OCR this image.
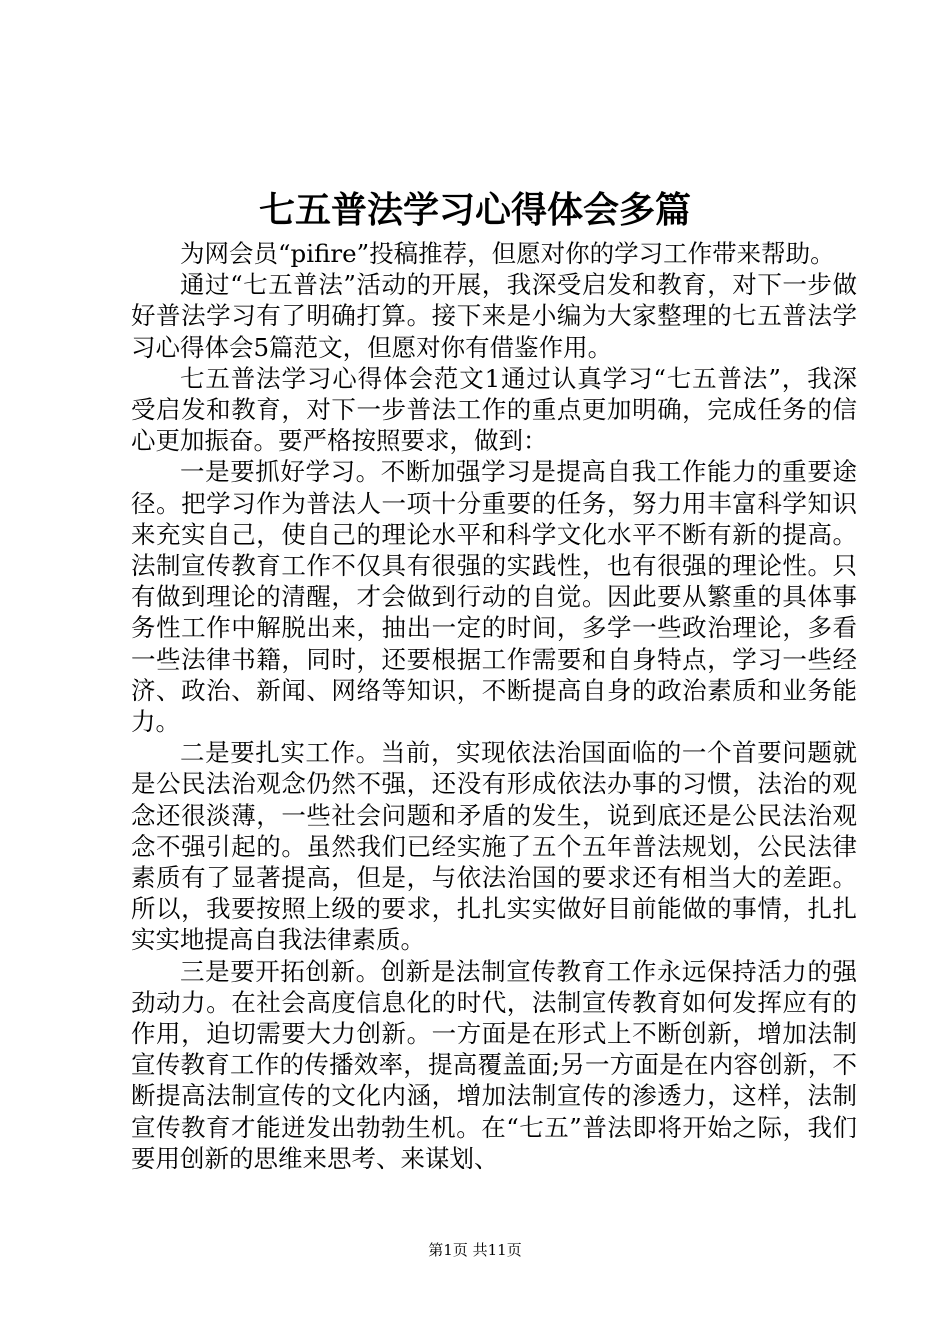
七五普法学习心得体会多篇

为网会员“pifire”投稿推荐，但愿对你的学习工作带来帮助。

通过“七五普法”活动的开展，我深受启发和教育，对下一步做好普法学习有了明确打算。接下来是小编为大家整理的七五普法学习心得体会5篇范文，但愿对你有借鉴作用。

七五普法学习心得体会范文1通过认真学习“七五普法”，我深受启发和教育，对下一步普法工作的重点更加明确，完成任务的信心更加振奋。要严格按照要求，做到：

一是要抓好学习。不断加强学习是提高自我工作能力的重要途径。把学习作为普法人一项十分重要的任务，努力用丰富科学知识来充实自己，使自己的理论水平和科学文化水平不断有新的提高。法制宣传教育工作不仅具有很强的实践性，也有很强的理论性。只有做到理论的清醒，才会做到行动的自觉。因此要从繁重的具体事务性工作中解脱出来，抽出一定的时间，多学一些政治理论，多看一些法律书籍，同时，还要根据工作需要和自身特点，学习一些经济、政治、新闻、网络等知识，不断提高自身的政治素质和业务能力。

二是要扎实工作。当前，实现依法治国面临的一个首要问题就是公民法治观念仍然不强，还没有形成依法办事的习惯，法治的观念还很淡薄，一些社会问题和矛盾的发生，说到底还是公民法治观念不强引起的。虽然我们已经实施了五个五年普法规划，公民法律素质有了显著提高，但是，与依法治国的要求还有相当大的差距。所以，我要按照上级的要求，扎扎实实做好目前能做的事情，扎扎实实地提高自我法律素质。

三是要开拓创新。创新是法制宣传教育工作永远保持活力的强劲动力。在社会高度信息化的时代，法制宣传教育如何发挥应有的作用，迫切需要大力创新。一方面是在形式上不断创新，增加法制宣传教育工作的传播效率，提高覆盖面;另一方面是在内容创新，不断提高法制宣传的文化内涵，增加法制宣传的渗透力，这样，法制宣传教育才能迸发出勃勃生机。在“七五”普法即将开始之际，我们要用创新的思维来思考、来谋划、

第1页 共11页
